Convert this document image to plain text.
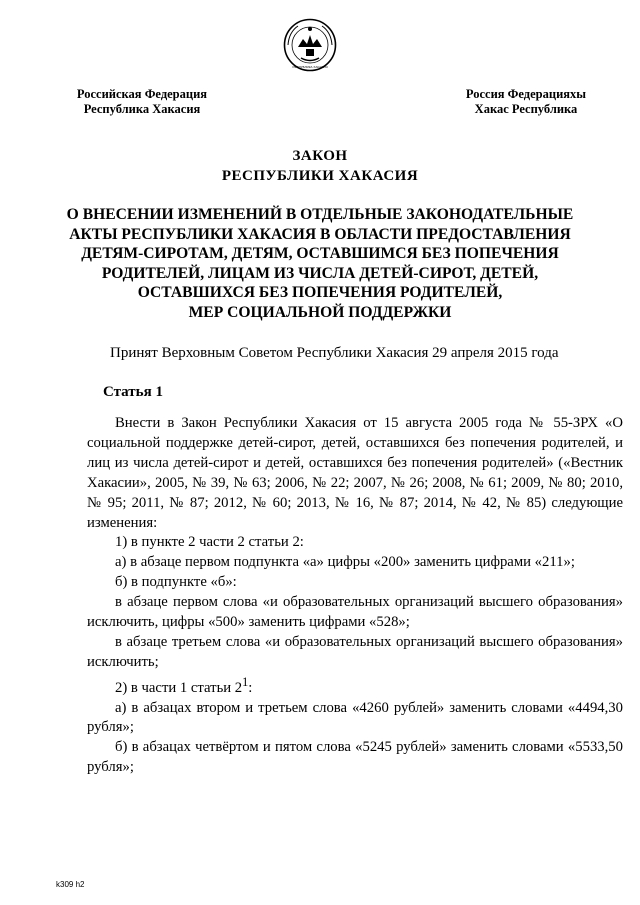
РЕСПУБЛИКА ХАКАСИЯ
Российская Федерация
Республика Хакасия
Россия Федерацияхы
Хакас Республика
ЗАКОН
РЕСПУБЛИКИ ХАКАСИЯ
О ВНЕСЕНИИ ИЗМЕНЕНИЙ В ОТДЕЛЬНЫЕ ЗАКОНОДАТЕЛЬНЫЕ
АКТЫ РЕСПУБЛИКИ ХАКАСИЯ В ОБЛАСТИ ПРЕДОСТАВЛЕНИЯ
ДЕТЯМ-СИРОТАМ, ДЕТЯМ, ОСТАВШИМСЯ БЕЗ ПОПЕЧЕНИЯ
РОДИТЕЛЕЙ, ЛИЦАМ ИЗ ЧИСЛА ДЕТЕЙ-СИРОТ, ДЕТЕЙ,
ОСТАВШИХСЯ БЕЗ ПОПЕЧЕНИЯ РОДИТЕЛЕЙ,
МЕР СОЦИАЛЬНОЙ ПОДДЕРЖКИ
Принят Верховным Советом Республики Хакасия 29 апреля 2015 года
Статья 1

Внести в Закон Республики Хакасия от 15 августа 2005 года № 55-ЗРХ «О социальной поддержке детей-сирот, детей, оставшихся без попечения родителей, и лиц из числа детей-сирот и детей, оставшихся без попечения родителей» («Вестник Хакасии», 2005, № 39, № 63; 2006, № 22; 2007, № 26; 2008, № 61; 2009, № 80; 2010, № 95; 2011, № 87; 2012, № 60; 2013, № 16, № 87; 2014, № 42, № 85) следующие изменения:

1) в пункте 2 части 2 статьи 2:

а) в абзаце первом подпункта «а» цифры «200» заменить цифрами «211»;

б) в подпункте «б»:

в абзаце первом слова «и образовательных организаций высшего образования» исключить, цифры «500» заменить цифрами «528»;

в абзаце третьем слова «и образовательных организаций высшего образования» исключить;

2) в части 1 статьи $2^1$:

а) в абзацах втором и третьем слова «4260 рублей» заменить словами «4494,30 рубля»;

б) в абзацах четвёртом и пятом слова «5245 рублей» заменить словами «5533,50 рубля»;

k309 h2
